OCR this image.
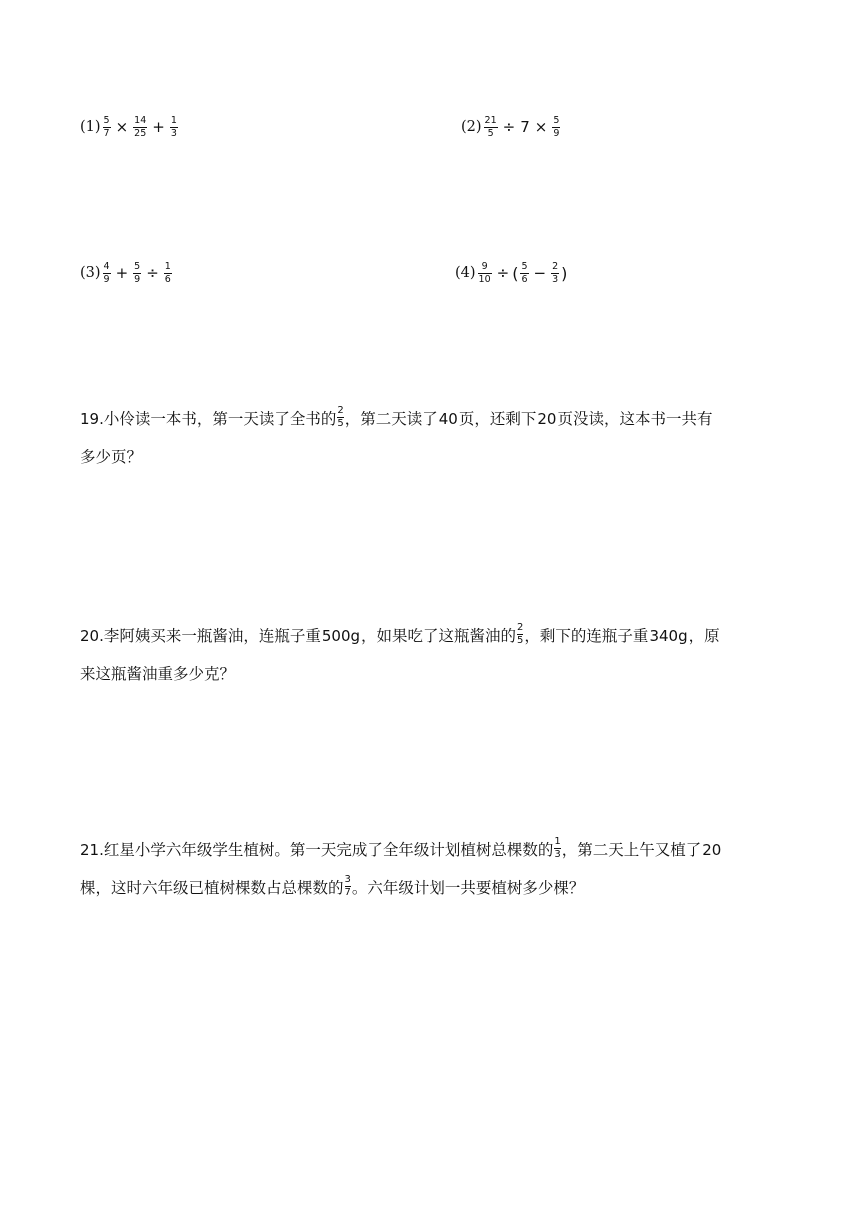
$(1) \frac{5}{7} \times \frac{14}{25} + \frac{1}{3}$	$(2) \frac{21}{5} \div 7 \times \frac{5}{9}$
$(3) \frac{4}{9} + \frac{5}{9} \div \frac{1}{6}$	$(4) \frac{9}{10}$ ÷ ( $\frac{5}{6} - \frac{2}{3}$ )
19.小伶读一本书，第一天读了全书的 $\frac{2}{5}$ ，第二天读了40页，还剩下20页没读，这本书一共有
多少页？
20.李阿姨买来一瓶酱油，连瓶子重500g，如果吃了这瓶酱油的 $\frac{2}{5}$ ，剩下的连瓶子重340g，原
来这瓶酱油重多少克？
21.红星小学六年级学生植树。第一天完成了全年级计划植树总棵数的 $\frac{1}{3}$ ，第二天上午又植了20
棵，这时六年级已植树棵数占总棵数的 $\frac{3}{7}$ 。六年级计划一共要植树多少棵？
